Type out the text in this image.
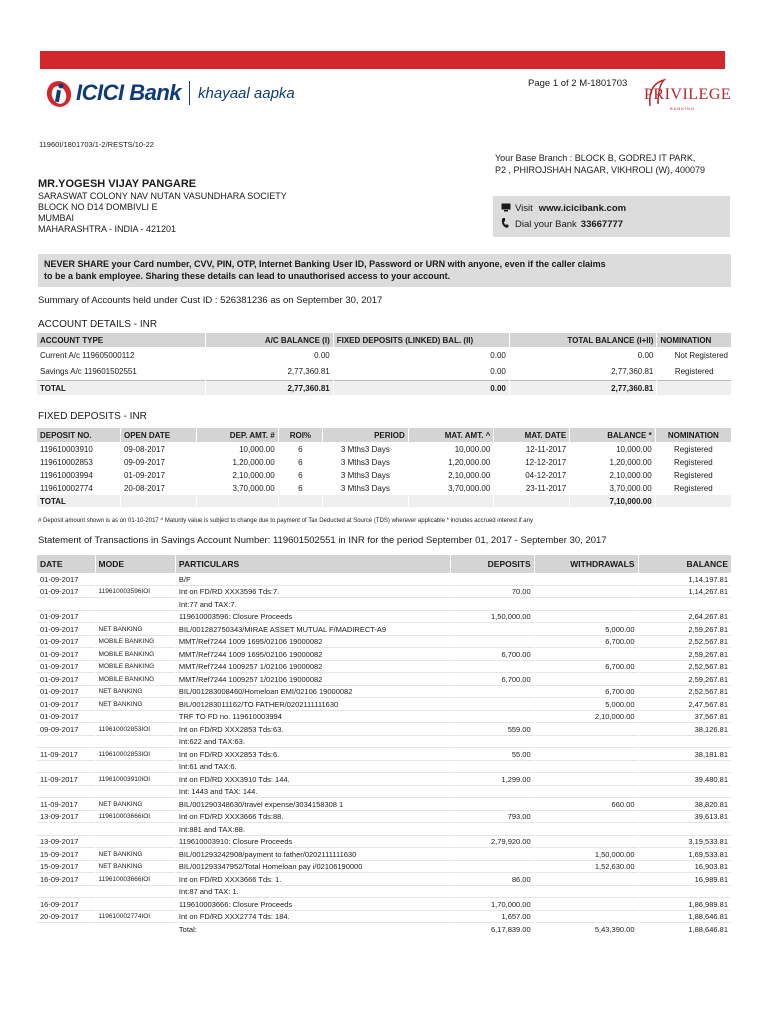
ICICI Bank khayaal aapka
Page 1 of 2 M-1801703
PRIVILEGE
BANKING
11960I/1801703/1-2/RESTS/10-22
Your Base Branch : BLOCK B, GODREJ IT PARK,
P2 , PHIROJSHAH NAGAR, VIKHROLI (W), 400079
MR.YOGESH VIJAY PANGARE
SARASWAT COLONY NAV NUTAN VASUNDHARA SOCIETY
BLOCK NO D14 DOMBIVLI E
MUMBAI
MAHARASHTRA - INDIA - 421201
Visit www.icicibank.com
Dial your Bank 33667777
NEVER SHARE your Card number, CVV, PIN, OTP, Internet Banking User ID, Password or URN with anyone, even if the caller claims
to be a bank employee. Sharing these details can lead to unauthorised access to your account.
Summary of Accounts held under Cust ID : 526381236 as on September 30, 2017
ACCOUNT DETAILS - INR
ACCOUNT TYPE	A/C BALANCE (I)	FIXED DEPOSITS (LINKED) BAL. (II)	TOTAL BALANCE (I+II)	NOMINATION
Current A/c 119605000112	0.00	0.00	0.00	Not Registered
Savings A/c 119601502551	2,77,360.81	0.00	2,77,360.81	Registered
TOTAL	2,77,360.81	0.00	2,77,360.81	
FIXED DEPOSITS - INR
DEPOSIT NO.	OPEN DATE	DEP. AMT. #	ROI%	PERIOD	MAT. AMT. ^	MAT. DATE	BALANCE *	NOMINATION
119610003910	09-08-2017	10,000.00	6	3 Mths3 Days	10,000.00	12-11-2017	10,000.00	Registered
119610002853	09-09-2017	1,20,000.00	6	3 Mths3 Days	1,20,000.00	12-12-2017	1,20,000.00	Registered
119610003994	01-09-2017	2,10,000.00	6	3 Mths3 Days	2,10,000.00	04-12-2017	2,10,000.00	Registered
119610002774	20-08-2017	3,70,000.00	6	3 Mths3 Days	3,70,000.00	23-11-2017	3,70,000.00	Registered
TOTAL							7,10,000.00	
# Deposit amount shown is as on 01-10-2017 ^ Maturity value is subject to change due to payment of Tax Deducted at Source (TDS) wherever applicable * includes accrued interest if any
Statement of Transactions in Savings Account Number: 119601502551 in INR for the period September 01, 2017 - September 30, 2017
DATE	MODE	PARTICULARS	DEPOSITS	WITHDRAWALS	BALANCE
01-09-2017		B/F			1,14,197.81
01-09-2017	119610003596IOI	Int on FD/RD XXX3596 Tds:7.	70.00		1,14,267.81
		Int:77 and TAX:7.			
01-09-2017		119610003596: Closure Proceeds	1,50,000.00		2,64,267.81
01-09-2017	NET BANKING	BIL/001282750343/MIRAE ASSET MUTUAL F/MADIRECT-A9		5,000.00	2,59,267.81
01-09-2017	MOBILE BANKING	MMT/Ref7244 1009 1695/02106 19000082		6,700.00	2,52,567.81
01-09-2017	MOBILE BANKING	MMT/Ref7244 1009 1695/02106 19000082	6,700.00		2,59,267.81
01-09-2017	MOBILE BANKING	MMT/Ref7244 1009257 1/02106 19000082		6,700.00	2,52,567.81
01-09-2017	MOBILE BANKING	MMT/Ref7244 1009257 1/02106 19000082	6,700.00		2,59,267.81
01-09-2017	NET BANKING	BIL/001283008460/Homeloan EMI/02106 19000082		6,700.00	2,52,567.81
01-09-2017	NET BANKING	BIL/001283011162/TO FATHER/0202111111630		5,000.00	2,47,567.81
01-09-2017		TRF TO FD no. 119610003994		2,10,000.00	37,567.81
09-09-2017	119610002853IOI	Int on FD/RD XXX2853 Tds:63.	559.00		38,126.81
		Int:622 and TAX:63.			
11-09-2017	119610002853IOI	Int on FD/RD XXX2853 Tds:6.	55.00		38,181.81
		Int:61 and TAX:6.			
11-09-2017	119610003910IOI	Int on FD/RD XXX3910 Tds: 144.	1,299.00		39,480.81
		Int: 1443 and TAX: 144.			
11-09-2017	NET BANKING	BIL/001290348630/travel expense/3034158308 1		660.00	38,820.81
13-09-2017	119610003666IOI	Int on FD/RD XXX3666 Tds:88.	793.00		39,613.81
		Int:881 and TAX:88.			
13-09-2017		119610003910: Closure Proceeds	2,79,920.00		3,19,533.81
15-09-2017	NET BANKING	BIL/001293242908/payment to father/0202111111630		1,50,000.00	1,69,533.81
15-09-2017	NET BANKING	BIL/001293347952/Total Homeloan pay i/02106190000		1,52,630.00	16,903.81
16-09-2017	119610003666IOI	Int on FD/RD XXX3666 Tds: 1.	86.00		16,989.81
		Int:87 and TAX: 1.			
16-09-2017		119610003666: Closure Proceeds	1,70,000.00		1,86,989.81
20-09-2017	119610002774IOI	Int on FD/RD XXX2774 Tds: 184.	1,657.00		1,88,646.81
		Total:	6,17,839.00	5,43,390.00	1,88,646.81
